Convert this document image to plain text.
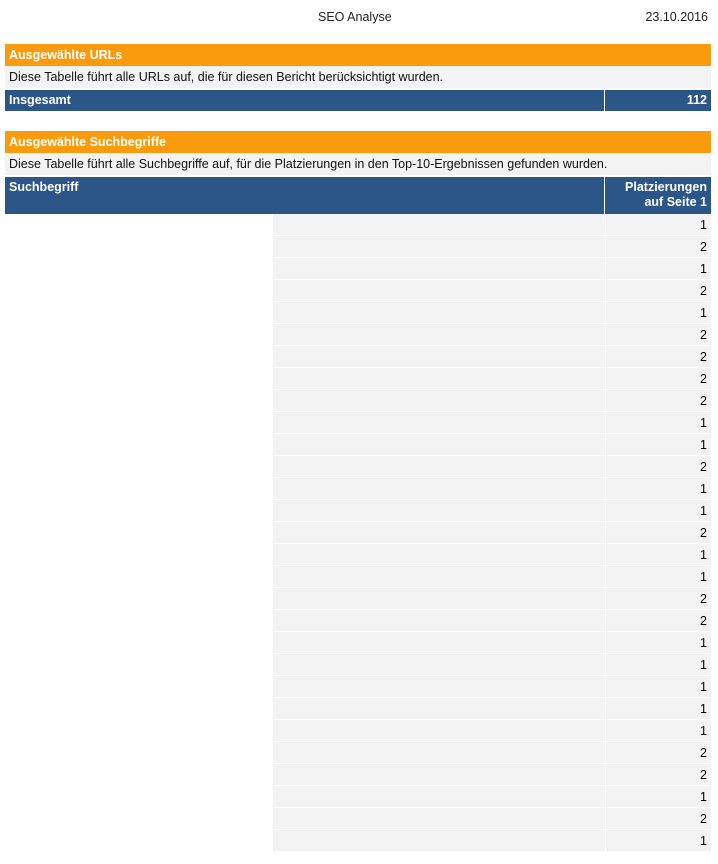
SEO Analyse	23.10.2016
Ausgewählte URLs
Diese Tabelle führt alle URLs auf, die für diesen Bericht berücksichtigt wurden.
Insgesamt	112
Ausgewählte Suchbegriffe
Diese Tabelle führt alle Suchbegriffe auf, für die Platzierungen in den Top-10-Ergebnissen gefunden wurden.
Suchbegriff	Platzierungen
auf Seite 1
1
2
1
2
1
2
2
2
2
1
1
2
1
1
2
1
1
2
2
1
1
1
1
1
2
2
1
2
1
